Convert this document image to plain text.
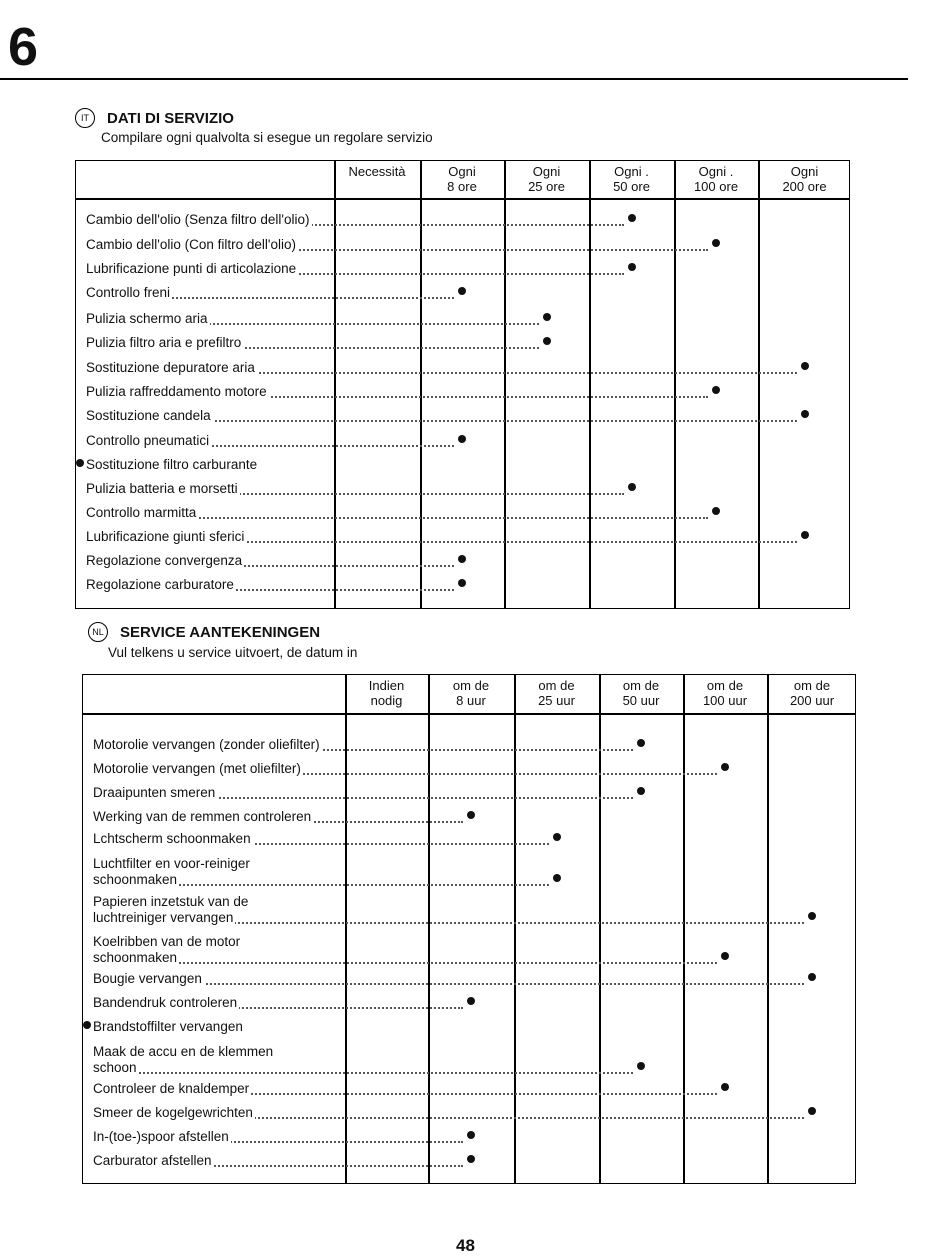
6
IT	DATI DI SERVIZIO
Compilare ogni qualvolta si esegue un regolare servizio
Necessità	Ogni
8 ore
Ogni
25 ore
Ogni .
50 ore
Ogni .
100 ore
Ogni
200 ore
Cambio dell'olio (Senza filtro dell'olio)
Cambio dell'olio (Con filtro dell'olio)
Lubrificazione punti di articolazione
Controllo freni
Pulizia schermo aria
Pulizia filtro aria e prefiltro
Sostituzione depuratore aria
Pulizia raffreddamento motore
Sostituzione candela
Controllo pneumatici
Sostituzione filtro carburante
Pulizia batteria e morsetti
Controllo marmitta
Lubrificazione giunti sferici
Regolazione convergenza
Regolazione carburatore
NL SERVICE AANTEKENINGEN
Vul telkens u service uitvoert, de datum in
Indien
nodig
om de
8 uur
om de
25 uur
om de
50 uur
om de
100 uur
om de
200 uur
Motorolie vervangen (zonder oliefilter)
Motorolie vervangen (met oliefilter)
Draaipunten smeren
Werking van de remmen controleren
Lchtscherm schoonmaken
Luchtfilter en voor-reiniger
schoonmaken
Papieren inzetstuk van de
luchtreiniger vervangen
Koelribben van de motor
schoonmaken
Bougie vervangen
Bandendruk controleren
Brandstoffilter vervangen
Maak de accu en de klemmen
schoon
Controleer de knaldemper
Smeer de kogelgewrichten
In-(toe-)spoor afstellen
Carburator afstellen
48
